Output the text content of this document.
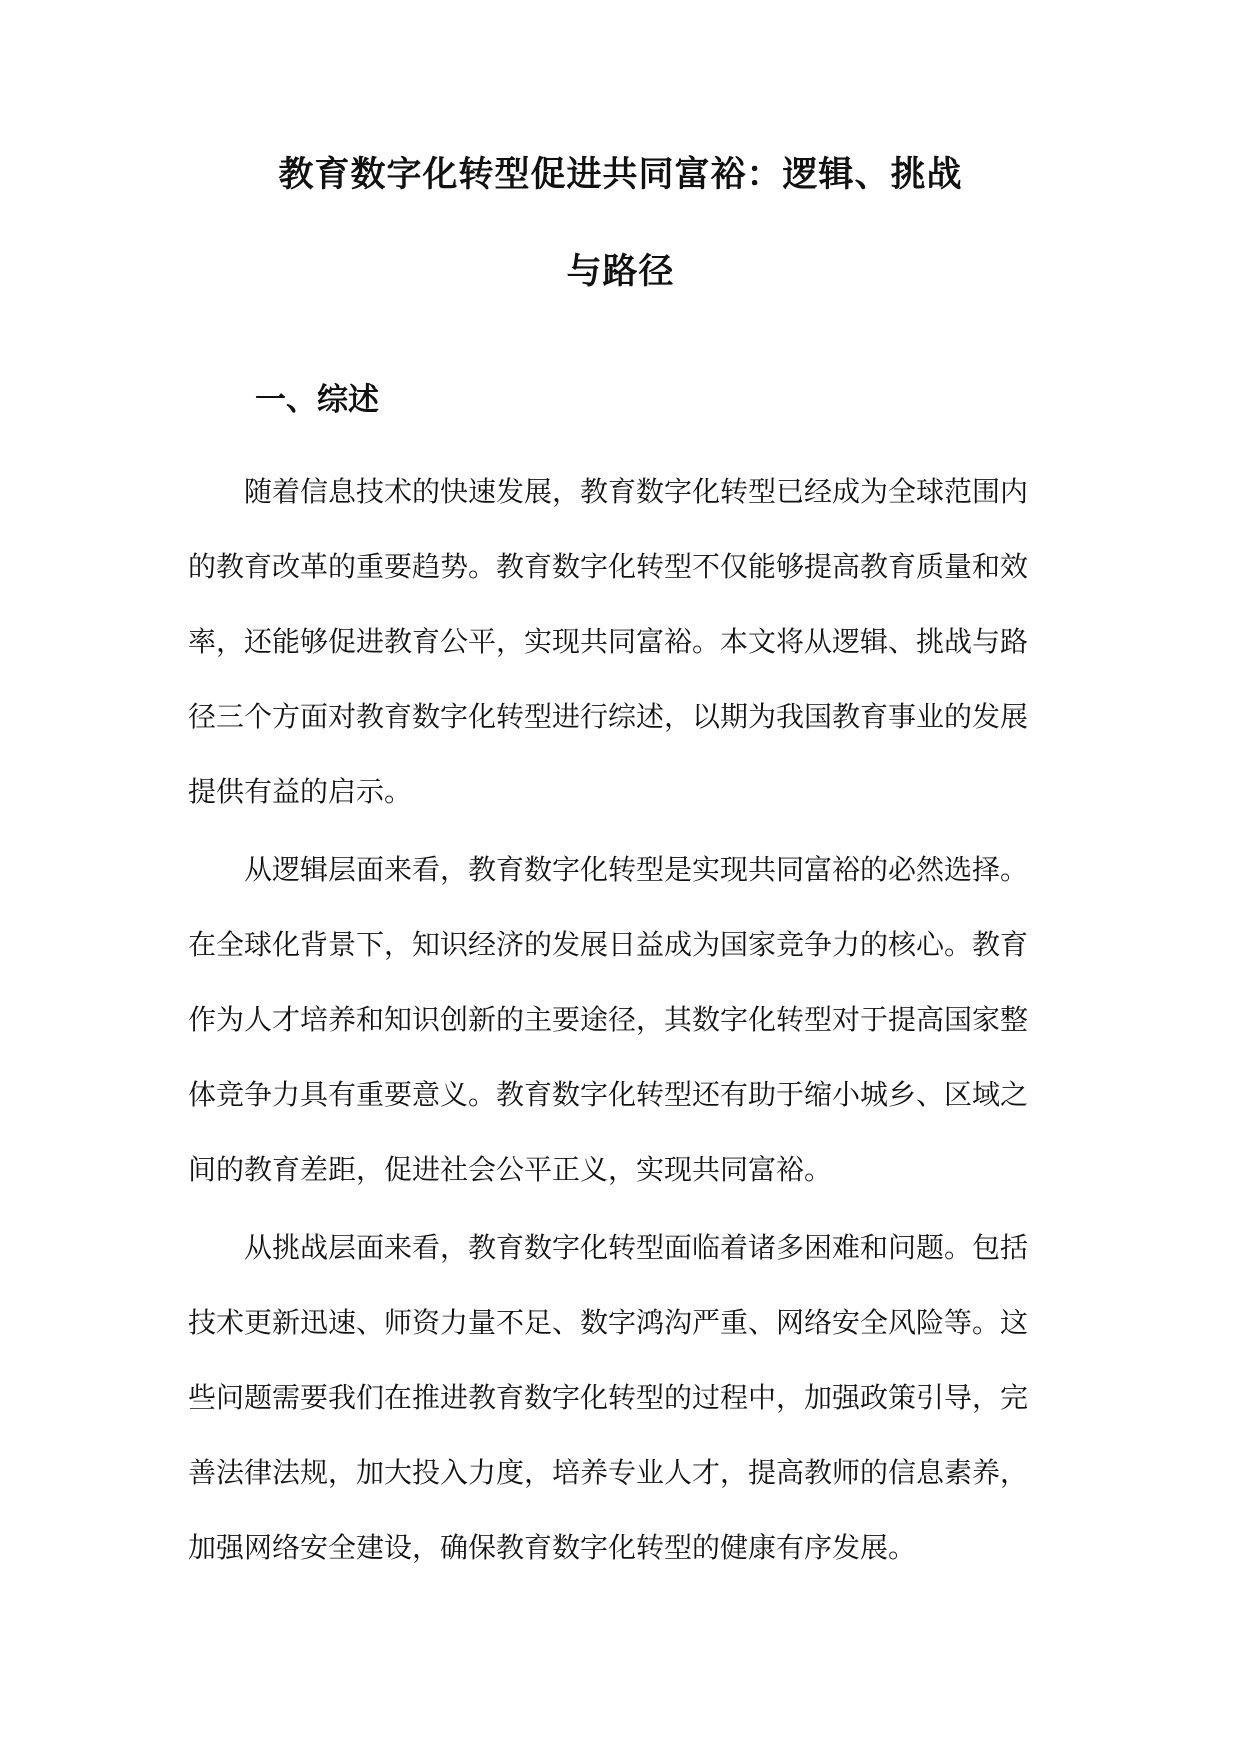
教育数字化转型促进共同富裕：逻辑、挑战
与路径
一、综述

随着信息技术的快速发展，教育数字化转型已经成为全球范围内
的教育改革的重要趋势。教育数字化转型不仅能够提高教育质量和效
率，还能够促进教育公平，实现共同富裕。本文将从逻辑、挑战与路
径三个方面对教育数字化转型进行综述，以期为我国教育事业的发展
提供有益的启示。

从逻辑层面来看，教育数字化转型是实现共同富裕的必然选择。
在全球化背景下，知识经济的发展日益成为国家竞争力的核心。教育
作为人才培养和知识创新的主要途径，其数字化转型对于提高国家整
体竞争力具有重要意义。教育数字化转型还有助于缩小城乡、区域之
间的教育差距，促进社会公平正义，实现共同富裕。

从挑战层面来看，教育数字化转型面临着诸多困难和问题。包括
技术更新迅速、师资力量不足、数字鸿沟严重、网络安全风险等。这
些问题需要我们在推进教育数字化转型的过程中，加强政策引导，完
善法律法规，加大投入力度，培养专业人才，提高教师的信息素养，
加强网络安全建设，确保教育数字化转型的健康有序发展。
